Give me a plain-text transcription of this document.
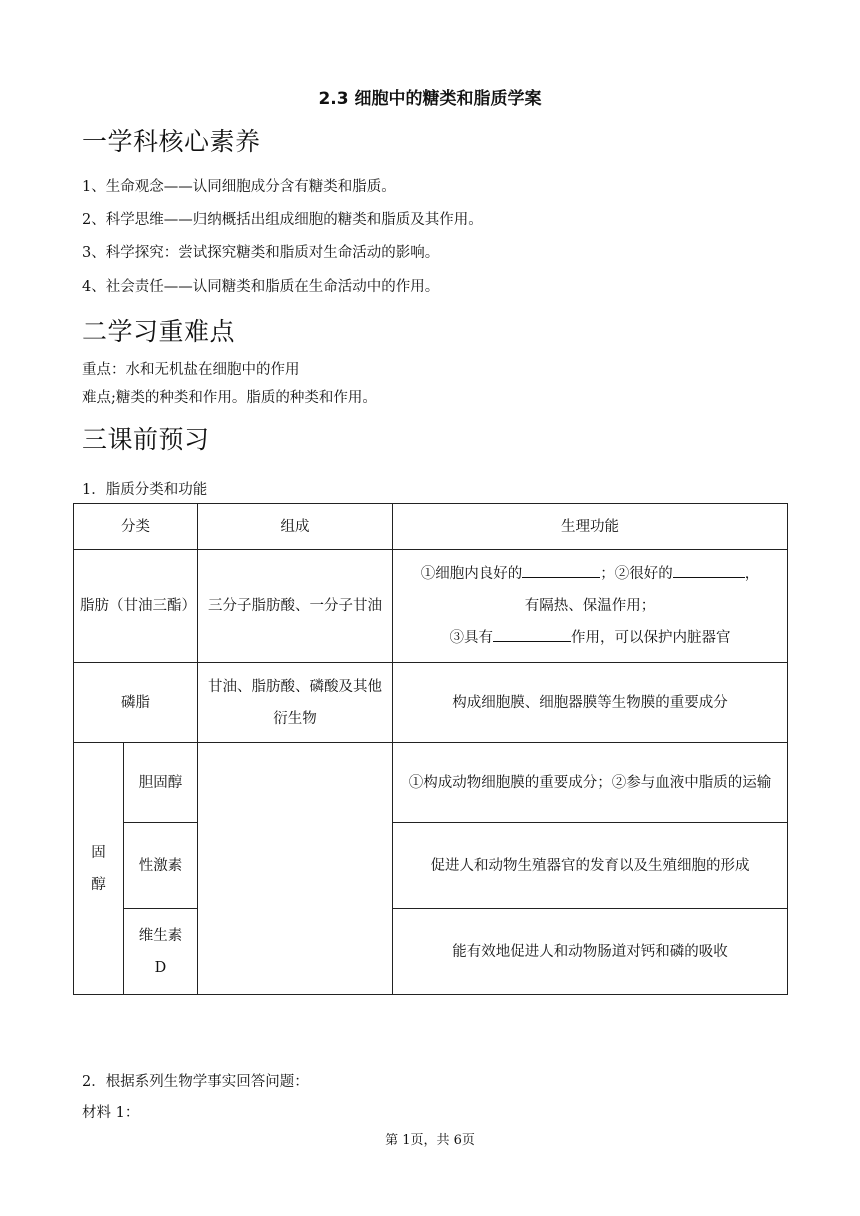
2.3 细胞中的糖类和脂质学案
一学科核心素养
1、生命观念——认同细胞成分含有糖类和脂质。
2、科学思维——归纳概括出组成细胞的糖类和脂质及其作用。
3、科学探究：尝试探究糖类和脂质对生命活动的影响。
4、社会责任——认同糖类和脂质在生命活动中的作用。
二学习重难点
重点：水和无机盐在细胞中的作用
难点;糖类的种类和作用。脂质的种类和作用。
三课前预习
1．脂质分类和功能
分类		组成	生理功能
脂肪（甘油三酯）		三分子脂肪酸、一分子甘油	①细胞内良好的 ；②很好的 ，
有隔热、保温作用；
③具有 作用，可以保护内脏器官

磷脂		甘油、脂肪酸、磷酸及其他衍生物	构成细胞膜、细胞器膜等生物膜的重要成分
固醇	胆固醇		①构成动物细胞膜的重要成分；②参与血液中脂质的运输
	性激素		促进人和动物生殖器官的发育以及生殖细胞的形成
	维生素D		能有效地促进人和动物肠道对钙和磷的吸收
2．根据系列生物学事实回答问题：
材料 1：
第 1页，共 6页
